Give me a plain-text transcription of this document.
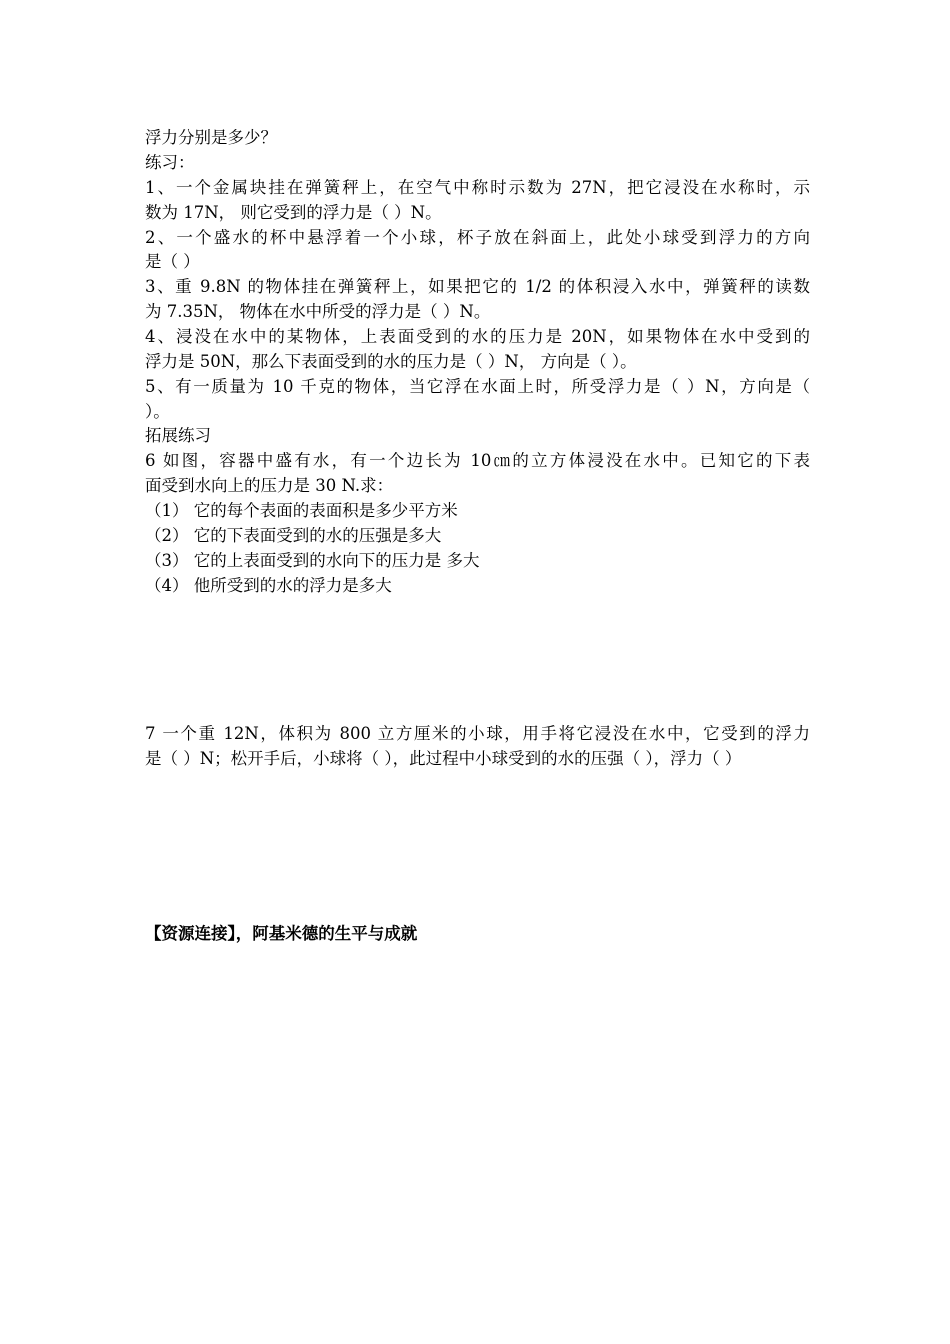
浮力分别是多少？
练习：
1、一个金属块挂在弹簧秤上，在空气中称时示数为 27N，把它浸没在水称时，示
数为 17N， 则它受到的浮力是（ ）N。
2、一个盛水的杯中悬浮着一个小球，杯子放在斜面上，此处小球受到浮力的方向
是（ ）
3、重 9.8N 的物体挂在弹簧秤上，如果把它的 1/2 的体积浸入水中，弹簧秤的读数
为 7.35N， 物体在水中所受的浮力是（ ）N。
4、浸没在水中的某物体，上表面受到的水的压力是 20N，如果物体在水中受到的
浮力是 50N，那么下表面受到的水的压力是（ ）N， 方向是（ ）。
5、有一质量为 10 千克的物体，当它浮在水面上时，所受浮力是（ ）N，方向是（
）。
拓展练习
6 如图，容器中盛有水，有一个边长为 10㎝的立方体浸没在水中。已知它的下表
面受到水向上的压力是 30 N.求：
（1） 它的每个表面的表面积是多少平方米
（2） 它的下表面受到的水的压强是多大
（3） 它的上表面受到的水向下的压力是 多大
（4） 他所受到的水的浮力是多大
7 一个重 12N，体积为 800 立方厘米的小球，用手将它浸没在水中，它受到的浮力
是（ ）N；松开手后，小球将（ ），此过程中小球受到的水的压强（ ），浮力（ ）
【资源连接】，阿基米德的生平与成就
